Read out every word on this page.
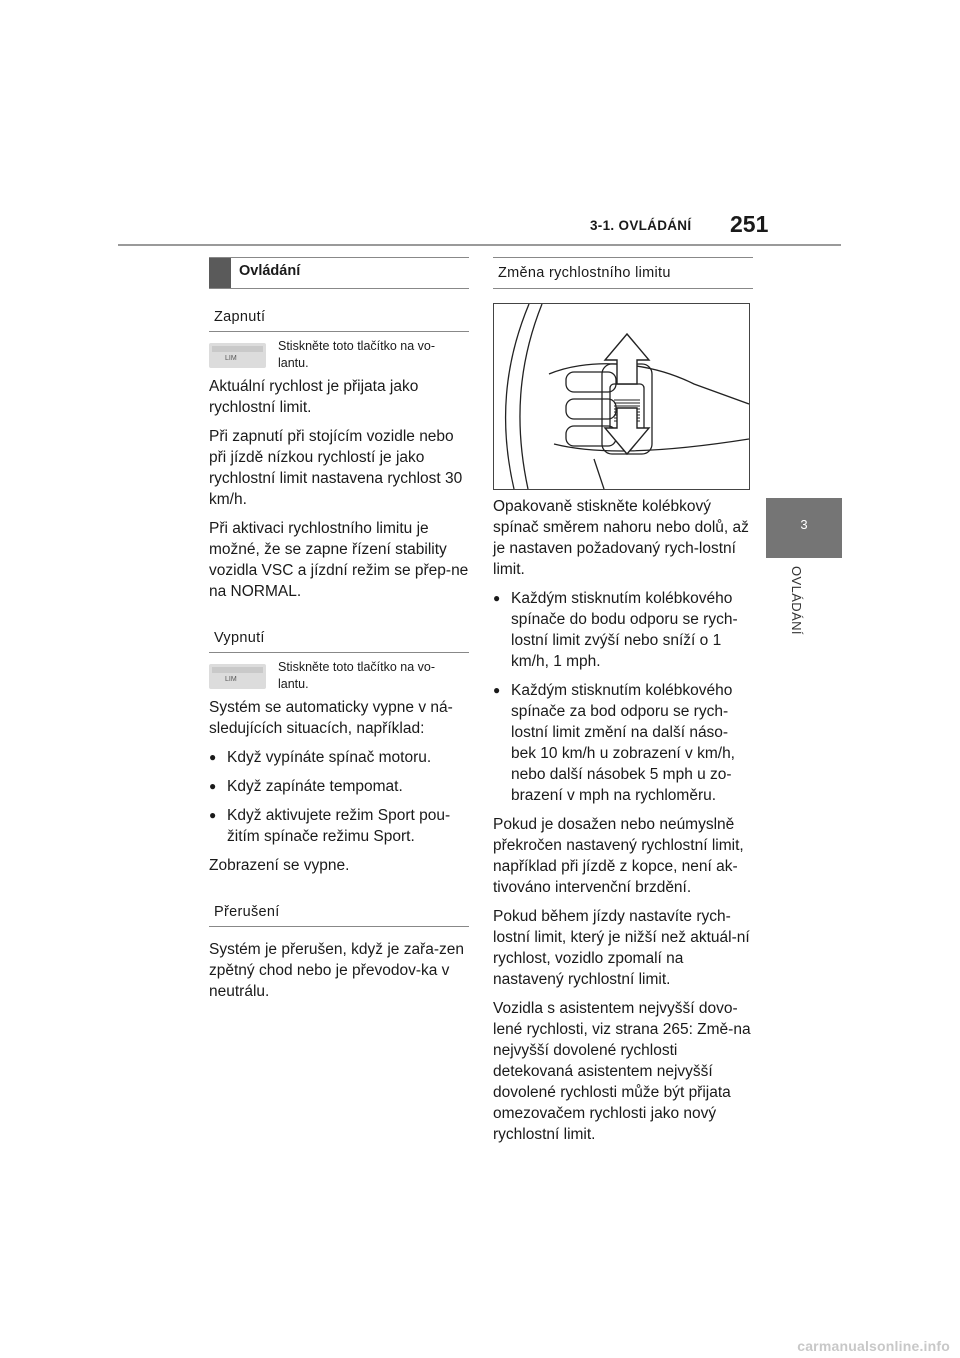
3-1. OVLÁDÁNÍ 251
3
OVLÁDÁNÍ
Ovládání
Zapnutí
LIM
Stiskněte toto tlačítko na vo-lantu.

Aktuální rychlost je přijata jako rychlostní limit.

Při zapnutí při stojícím vozidle nebo při jízdě nízkou rychlostí je jako rychlostní limit nastavena rychlost 30 km/h.

Při aktivaci rychlostního limitu je možné, že se zapne řízení stability vozidla VSC a jízdní režim se přep-ne na NORMAL.

Vypnutí
LIM
Stiskněte toto tlačítko na vo-lantu.

Systém se automaticky vypne v ná-sledujících situacích, například:

● Když vypínáte spínač motoru.
● Když zapínáte tempomat.
● Když aktivujete režim Sport pou-žitím spínače režimu Sport.

Zobrazení se vypne.

Přerušení

Systém je přerušen, když je zařa-zen zpětný chod nebo je převodov-ka v neutrálu.

Změna rychlostního limitu

Opakovaně stiskněte kolébkový spínač směrem nahoru nebo dolů, až je nastaven požadovaný rych-lostní limit.

● Každým stisknutím kolébkového spínače do bodu odporu se rych-lostní limit zvýší nebo sníží o 1 km/h, 1 mph.
● Každým stisknutím kolébkového spínače za bod odporu se rych-lostní limit změní na další náso-bek 10 km/h u zobrazení v km/h, nebo další násobek 5 mph u zo-brazení v mph na rychloměru.

Pokud je dosažen nebo neúmyslně překročen nastavený rychlostní limit, například při jízdě z kopce, není ak-tivováno intervenční brzdění.

Pokud během jízdy nastavíte rych-lostní limit, který je nižší než aktuál-ní rychlost, vozidlo zpomalí na nastavený rychlostní limit.

Vozidla s asistentem nejvyšší dovo-lené rychlosti, viz strana 265: Změ-na nejvyšší dovolené rychlosti detekovaná asistentem nejvyšší dovolené rychlosti může být přijata omezovačem rychlosti jako nový rychlostní limit.

carmanualsonline.info
